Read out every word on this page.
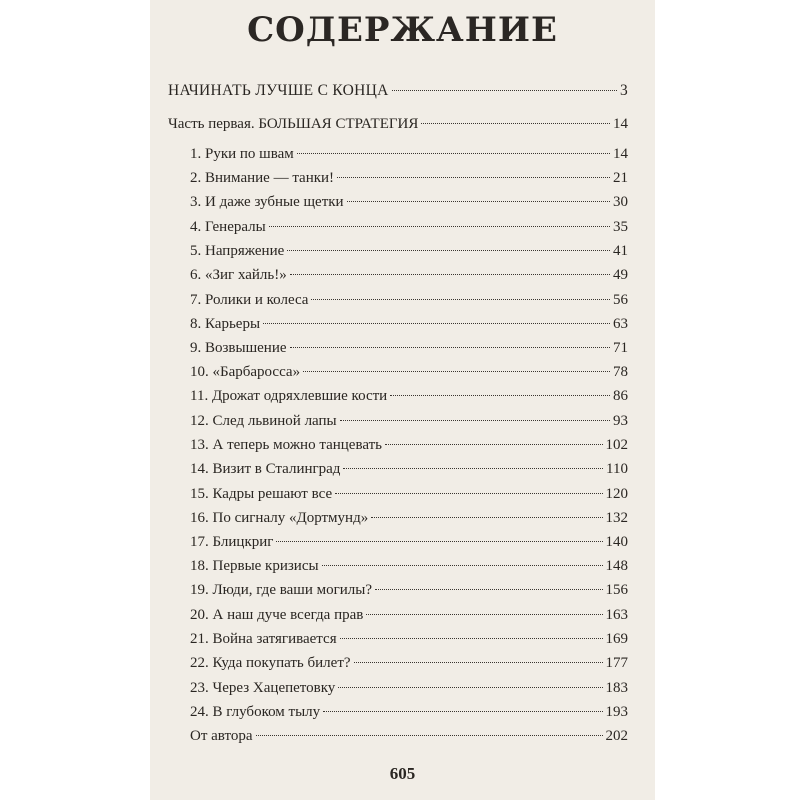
СОДЕРЖАНИЕ
НАЧИНАТЬ ЛУЧШЕ С КОНЦА	3
Часть первая. БОЛЬШАЯ СТРАТЕГИЯ	14
1. Руки по швам	14
2. Внимание — танки!	21
3. И даже зубные щетки	30
4. Генералы	35
5. Напряжение	41
6. «Зиг хайль!»	49
7. Ролики и колеса	56
8. Карьеры	63
9. Возвышение	71
10. «Барбаросса»	78
11. Дрожат одряхлевшие кости	86
12. След львиной лапы	93
13. А теперь можно танцевать	102
14. Визит в Сталинград	110
15. Кадры решают все	120
16. По сигналу «Дортмунд»	132
17. Блицкриг	140
18. Первые кризисы	148
19. Люди, где ваши могилы?	156
20. А наш дуче всегда прав	163
21. Война затягивается	169
22. Куда покупать билет?	177
23. Через Хацепетовку	183
24. В глубоком тылу	193
От автора	202
605
